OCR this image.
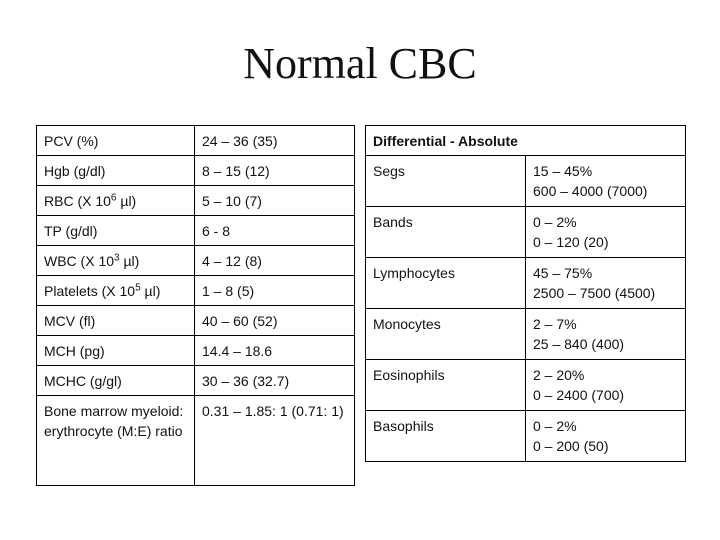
Normal CBC
PCV (%)	24 – 36 (35)
Hgb (g/dl)	8 – 15 (12)
RBC (X $10^6$ µl)	5 – 10 (7)
TP (g/dl)	6 - 8
WBC (X $10^3$ µl)	4 – 12 (8)
Platelets (X $10^5$ µl)	1 – 8 (5)
MCV (fl)	40 – 60 (52)
MCH (pg)	14.4 – 18.6
MCHC (g/gl)	30 – 36 (32.7)
Bone marrow myeloid: erythrocyte (M:E) ratio	0.31 – 1.85: 1 (0.71: 1)
Differential - Absolute	
Segs	15 – 45%
600 – 4000 (7000)

Bands	0 – 2%
0 – 120 (20)

Lymphocytes	45 – 75%
2500 – 7500 (4500)

Monocytes	2 – 7%
25 – 840 (400)

Eosinophils	2 – 20%
0 – 2400 (700)

Basophils	0 – 2%
0 – 200 (50)
